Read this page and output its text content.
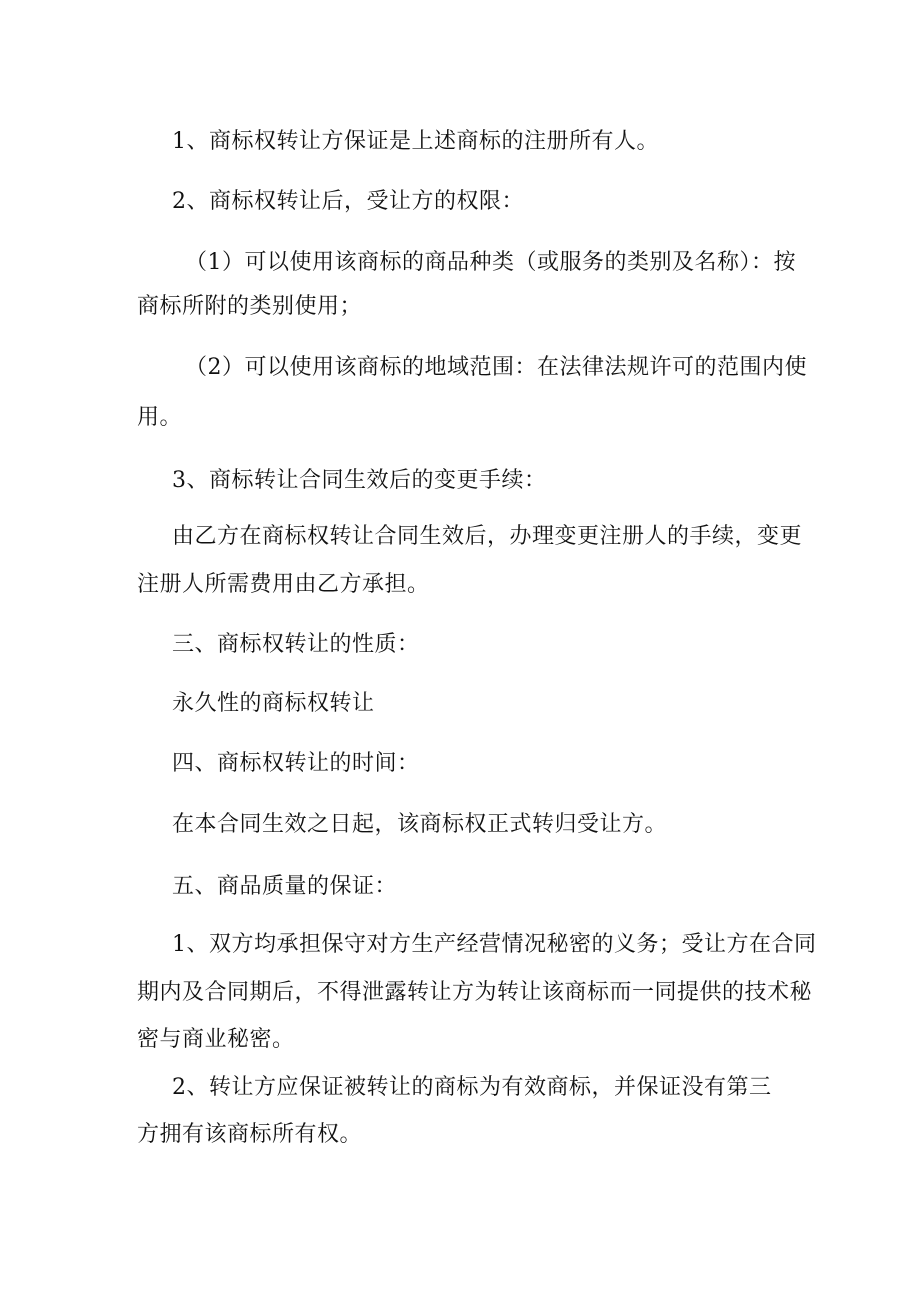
1、商标权转让方保证是上述商标的注册所有人。
2、商标权转让后，受让方的权限：
（1）可以使用该商标的商品种类（或服务的类别及名称）：按
商标所附的类别使用；
（2）可以使用该商标的地域范围：在法律法规许可的范围内使
用。
3、商标转让合同生效后的变更手续：
由乙方在商标权转让合同生效后，办理变更注册人的手续，变更
注册人所需费用由乙方承担。
三、商标权转让的性质：
永久性的商标权转让
四、商标权转让的时间：
在本合同生效之日起，该商标权正式转归受让方。
五、商品质量的保证：
1、双方均承担保守对方生产经营情况秘密的义务；受让方在合同
期内及合同期后，不得泄露转让方为转让该商标而一同提供的技术秘
密与商业秘密。
2、转让方应保证被转让的商标为有效商标，并保证没有第三
方拥有该商标所有权。
